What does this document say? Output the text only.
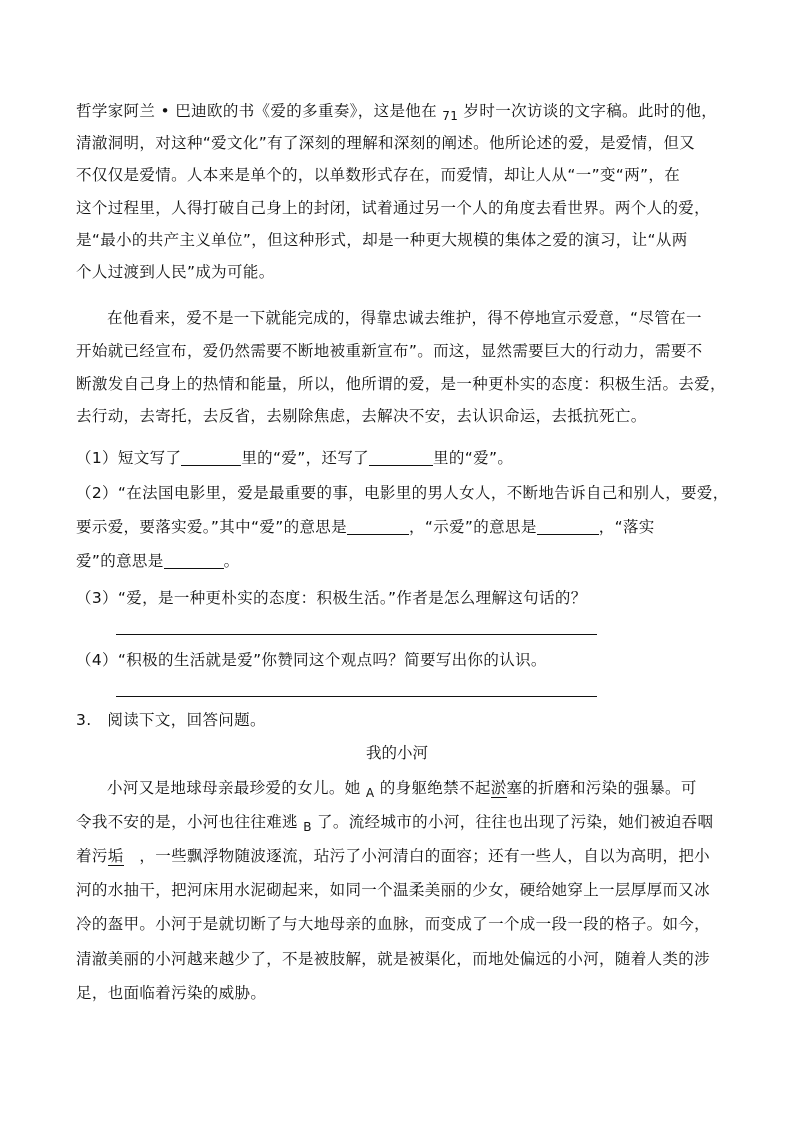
哲学家阿兰 • 巴迪欧的书《爱的多重奏》，这是他在 $_{71}$ 岁时一次访谈的文字稿。此时的他，
清澈洞明，对这种“爱文化”有了深刻的理解和深刻的阐述。他所论述的爱，是爱情，但又
不仅仅是爱情。人本来是单个的，以单数形式存在，而爱情，却让人从“一”变“两”，在
这个过程里，人得打破自己身上的封闭，试着通过另一个人的角度去看世界。两个人的爱，
是“最小的共产主义单位”，但这种形式，却是一种更大规模的集体之爱的演习，让“从两
个人过渡到人民”成为可能。
在他看来，爱不是一下就能完成的，得靠忠诚去维护，得不停地宣示爱意，“尽管在一
开始就已经宣布，爱仍然需要不断地被重新宣布”。而这，显然需要巨大的行动力，需要不
断激发自己身上的热情和能量，所以，他所谓的爱，是一种更朴实的态度：积极生活。去爱，
去行动，去寄托，去反省，去剔除焦虑，去解决不安，去认识命运，去抵抗死亡。
（1）短文写了	里的“爱”，还写了	里的“爱”。
（2）“在法国电影里，爱是最重要的事，电影里的男人女人，不断地告诉自己和别人，要爱，
要示爱，要落实爱。”其中“爱”的意思是	，“示爱”的意思是	，“落实
爱”的意思是	。
（3）“爱，是一种更朴实的态度：积极生活。”作者是怎么理解这句话的？
（4）“积极的生活就是爱”你赞同这个观点吗？简要写出你的认识。
3.　阅读下文，回答问题。
我的小河
小河又是地球母亲最珍爱的女儿。她 $_A$ 的身躯绝禁不起淤塞的折磨和污染的强暴。可
令我不安的是，小河也往往难逃 $_B$ 了。流经城市的小河，往往也出现了污染，她们被迫吞咽
着污垢　，一些飘浮物随波逐流，玷污了小河清白的面容；还有一些人，自以为高明，把小
河的水抽干，把河床用水泥砌起来，如同一个温柔美丽的少女，硬给她穿上一层厚厚而又冰
冷的盔甲。小河于是就切断了与大地母亲的血脉，而变成了一个成一段一段的格子。如今，
清澈美丽的小河越来越少了，不是被肢解，就是被渠化，而地处偏远的小河，随着人类的涉
足，也面临着污染的威胁。
